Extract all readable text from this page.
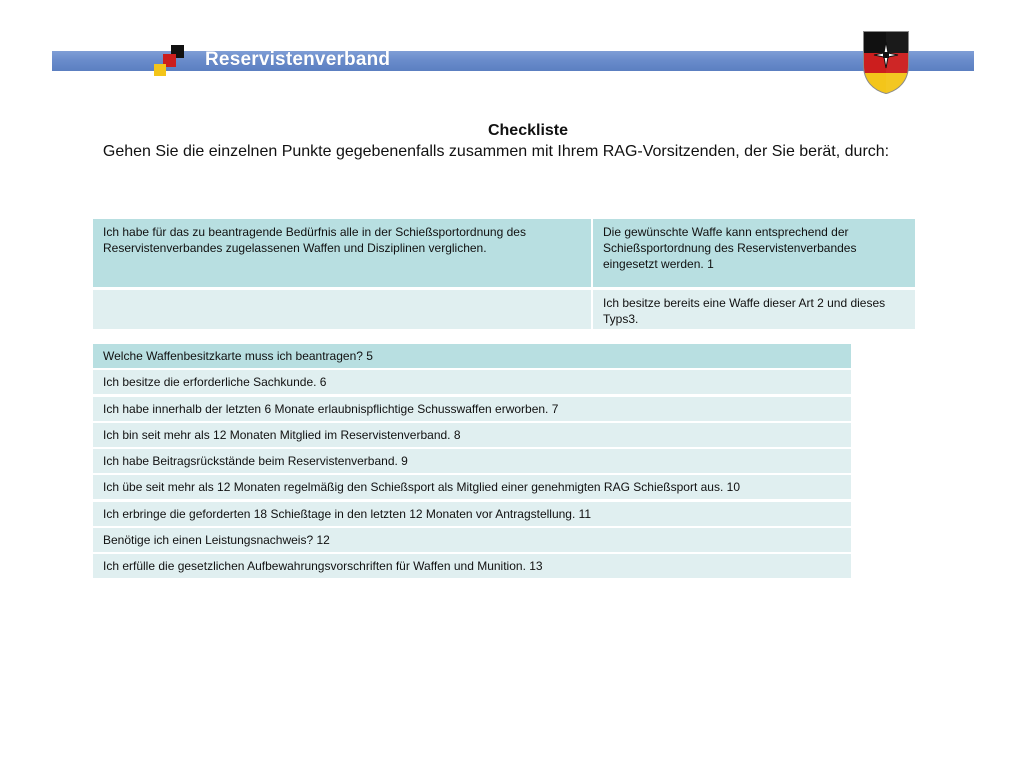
Reservistenverband
Checkliste
Gehen Sie die einzelnen Punkte gegebenenfalls zusammen mit Ihrem RAG-Vorsitzenden, der Sie berät, durch:
Ich habe für das zu beantragende Bedürfnis alle in der Schießsportordnung des Reservistenverbandes zugelassenen Waffen und Disziplinen verglichen.
Die gewünschte Waffe kann entsprechend der Schießsportordnung des Reservistenverbandes eingesetzt werden. 1
Ich besitze bereits eine Waffe dieser Art 2 und dieses Typs3.
Welche Waffenbesitzkarte muss ich beantragen? 5
Ich besitze die erforderliche Sachkunde. 6
Ich habe innerhalb der letzten 6 Monate erlaubnispflichtige Schusswaffen erworben. 7
Ich bin seit mehr als 12 Monaten Mitglied im Reservistenverband. 8
Ich habe Beitragsrückstände beim Reservistenverband. 9
Ich übe seit mehr als 12 Monaten regelmäßig den Schießsport als Mitglied einer genehmigten RAG Schießsport aus. 10
Ich erbringe die geforderten 18 Schießtage in den letzten 12 Monaten vor Antragstellung. 11
Benötige ich einen Leistungsnachweis? 12
Ich erfülle die gesetzlichen Aufbewahrungsvorschriften für Waffen und Munition. 13
